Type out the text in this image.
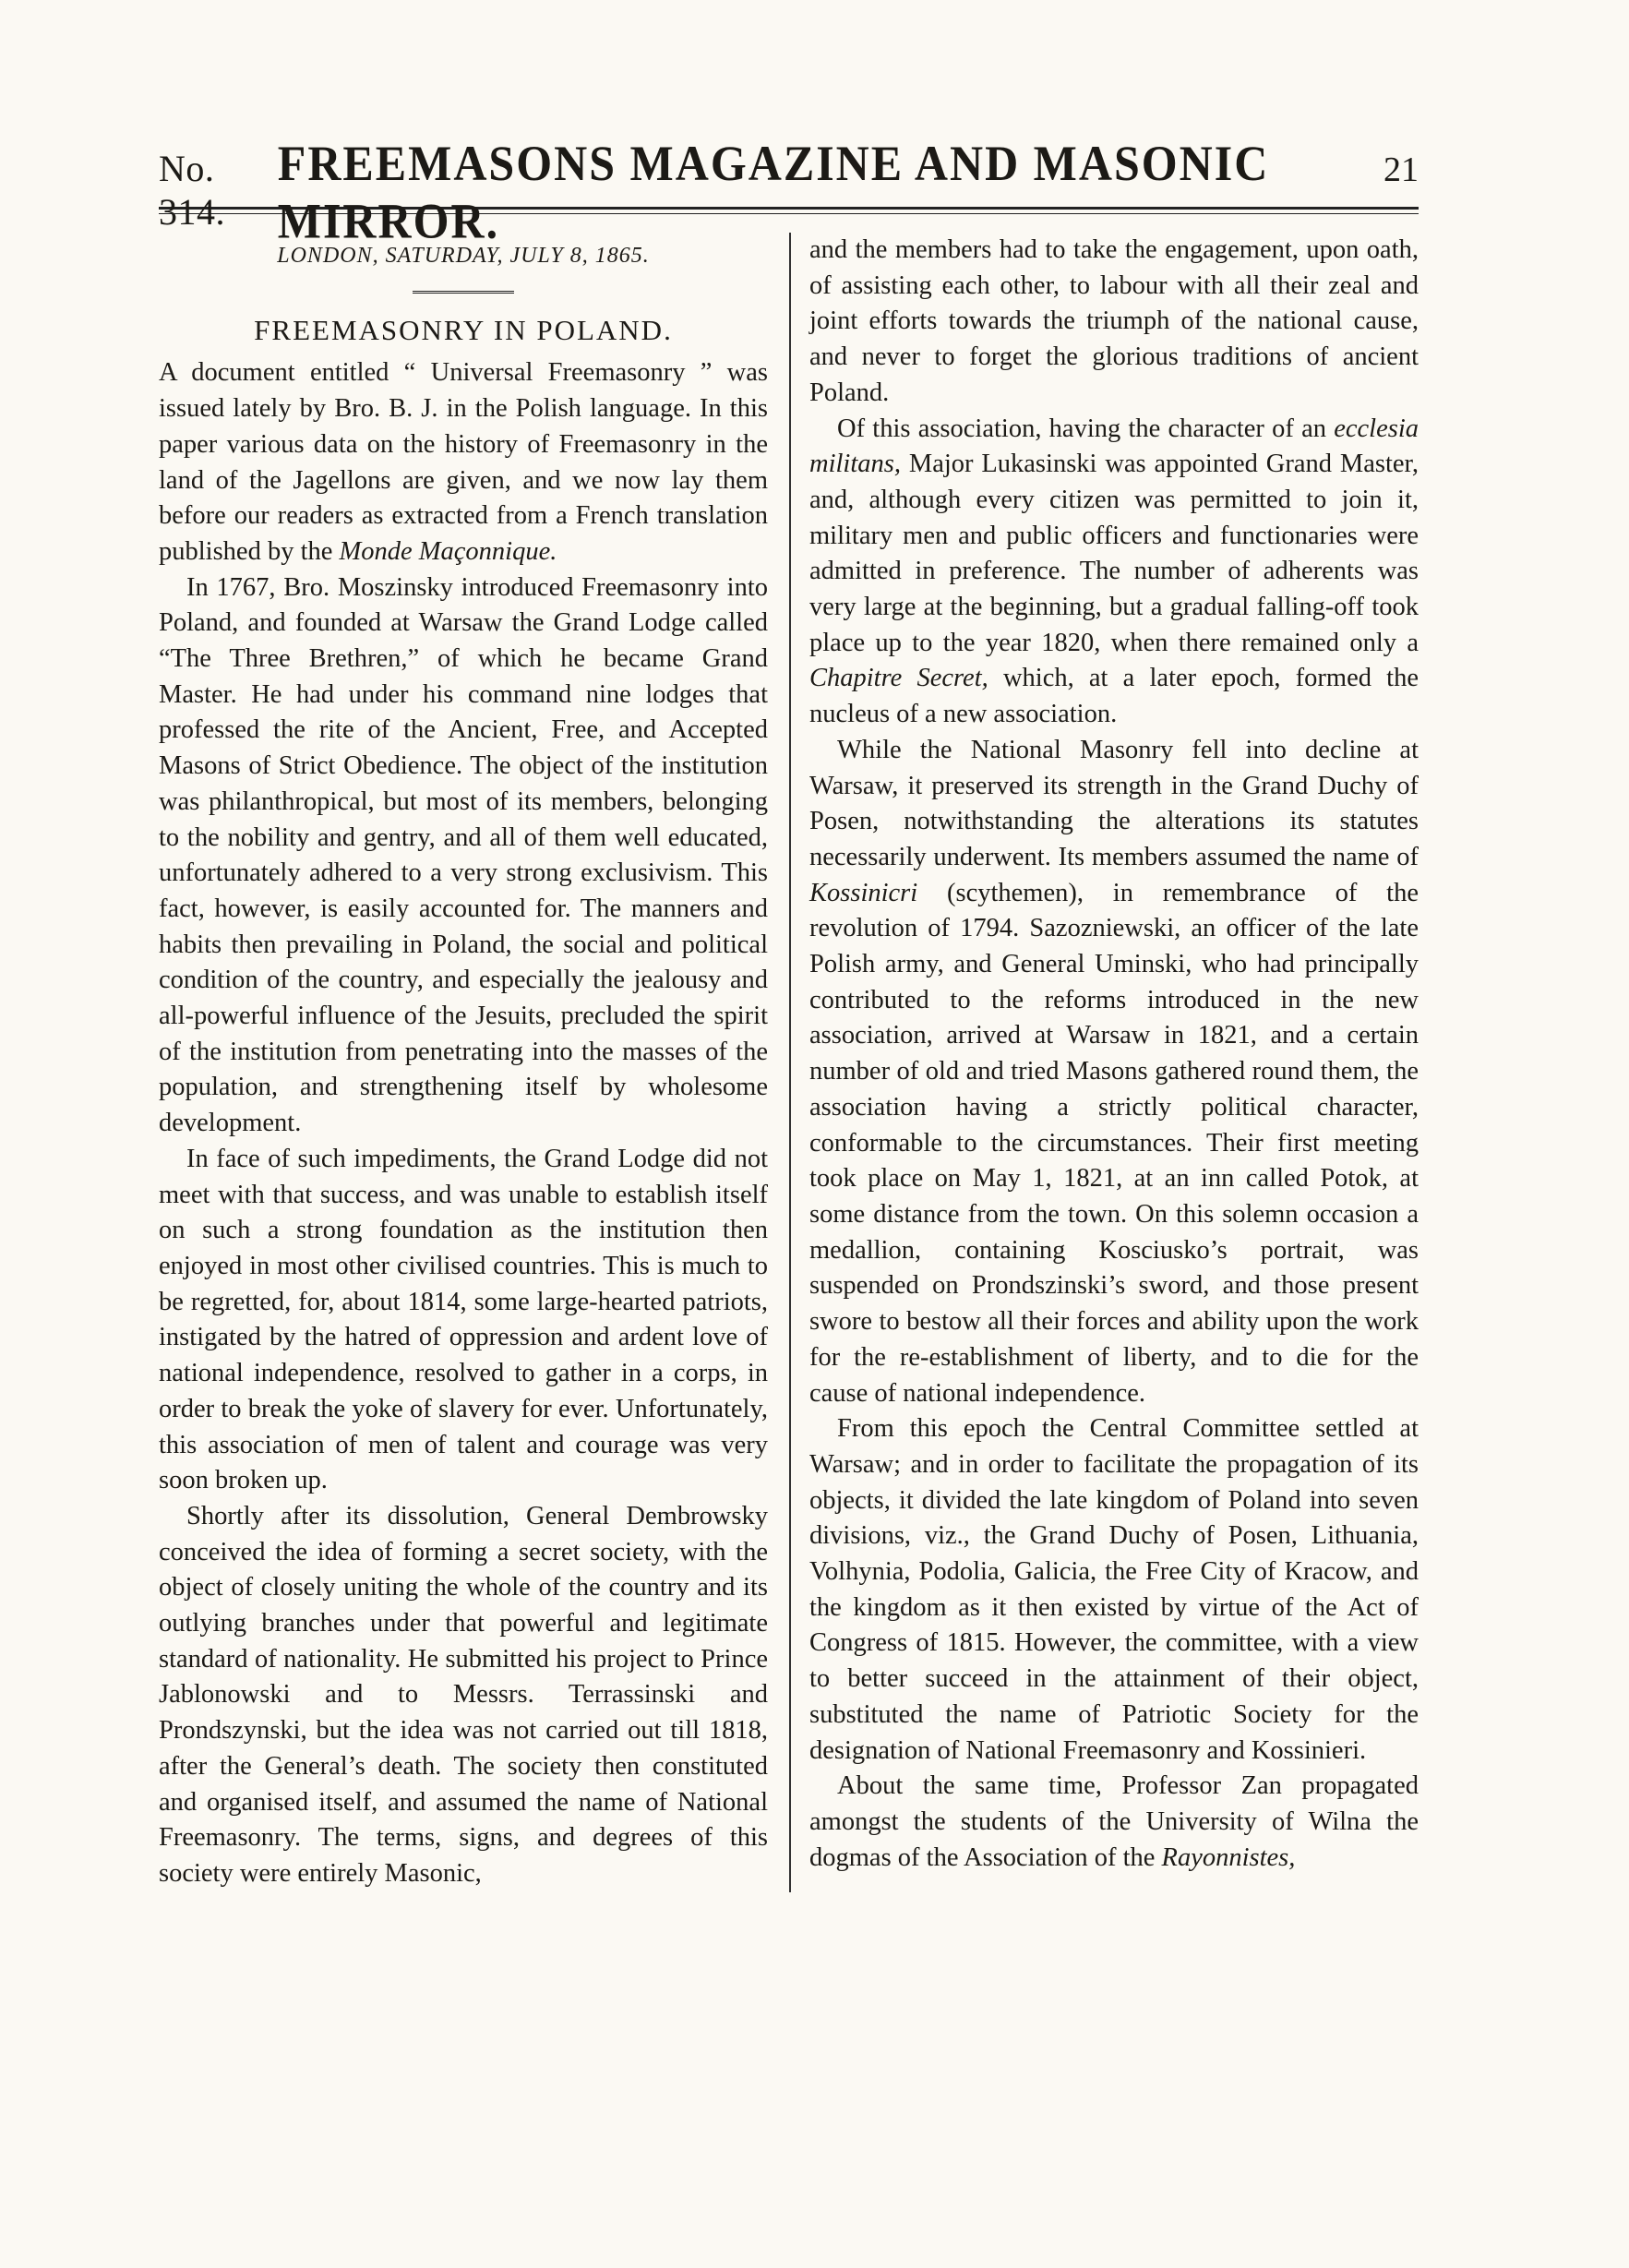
No. 314.
FREEMASONS MAGAZINE AND MASONIC MIRROR.
21
LONDON, SATURDAY, JULY 8, 1865.
FREEMASONRY IN POLAND.

A document entitled “ Universal Freemasonry ” was issued lately by Bro. B. J. in the Polish language. In this paper various data on the history of Freemasonry in the land of the Jagellons are given, and we now lay them before our readers as extracted from a French translation published by the Monde Maçonnique.

In 1767, Bro. Moszinsky introduced Freemasonry into Poland, and founded at Warsaw the Grand Lodge called “The Three Brethren,” of which he became Grand Master. He had under his command nine lodges that professed the rite of the Ancient, Free, and Accepted Masons of Strict Obedience. The object of the institution was philanthropical, but most of its members, belonging to the nobility and gentry, and all of them well educated, unfortunately adhered to a very strong exclusivism. This fact, however, is easily accounted for. The manners and habits then prevailing in Poland, the social and political condition of the country, and especially the jealousy and all-powerful influence of the Jesuits, precluded the spirit of the institution from penetrating into the masses of the population, and strengthening itself by wholesome development.

In face of such impediments, the Grand Lodge did not meet with that success, and was unable to establish itself on such a strong foundation as the institution then enjoyed in most other civilised countries. This is much to be regretted, for, about 1814, some large-hearted patriots, instigated by the hatred of oppression and ardent love of national independence, resolved to gather in a corps, in order to break the yoke of slavery for ever. Unfortunately, this association of men of talent and courage was very soon broken up.

Shortly after its dissolution, General Dembrowsky conceived the idea of forming a secret society, with the object of closely uniting the whole of the country and its outlying branches under that powerful and legitimate standard of nationality. He submitted his project to Prince Jablonowski and to Messrs. Terrassinski and Prondszynski, but the idea was not carried out till 1818, after the General’s death. The society then constituted and organised itself, and assumed the name of National Freemasonry. The terms, signs, and degrees of this society were entirely Masonic,

and the members had to take the engagement, upon oath, of assisting each other, to labour with all their zeal and joint efforts towards the triumph of the national cause, and never to forget the glorious traditions of ancient Poland.

Of this association, having the character of an ecclesia militans, Major Lukasinski was appointed Grand Master, and, although every citizen was permitted to join it, military men and public officers and functionaries were admitted in preference. The number of adherents was very large at the beginning, but a gradual falling-off took place up to the year 1820, when there remained only a Chapitre Secret, which, at a later epoch, formed the nucleus of a new association.

While the National Masonry fell into decline at Warsaw, it preserved its strength in the Grand Duchy of Posen, notwithstanding the alterations its statutes necessarily underwent. Its members assumed the name of Kossinicri (scythemen), in remembrance of the revolution of 1794. Sazozniewski, an officer of the late Polish army, and General Uminski, who had principally contributed to the reforms introduced in the new association, arrived at Warsaw in 1821, and a certain number of old and tried Masons gathered round them, the association having a strictly political character, conformable to the circumstances. Their first meeting took place on May 1, 1821, at an inn called Potok, at some distance from the town. On this solemn occasion a medallion, containing Kosciusko’s portrait, was suspended on Prondszinski’s sword, and those present swore to bestow all their forces and ability upon the work for the re-establishment of liberty, and to die for the cause of national independence.

From this epoch the Central Committee settled at Warsaw; and in order to facilitate the propagation of its objects, it divided the late kingdom of Poland into seven divisions, viz., the Grand Duchy of Posen, Lithuania, Volhynia, Podolia, Galicia, the Free City of Kracow, and the kingdom as it then existed by virtue of the Act of Congress of 1815. However, the committee, with a view to better succeed in the attainment of their object, substituted the name of Patriotic Society for the designation of National Freemasonry and Kossinieri.

About the same time, Professor Zan propagated amongst the students of the University of Wilna the dogmas of the Association of the Rayonnistes,
